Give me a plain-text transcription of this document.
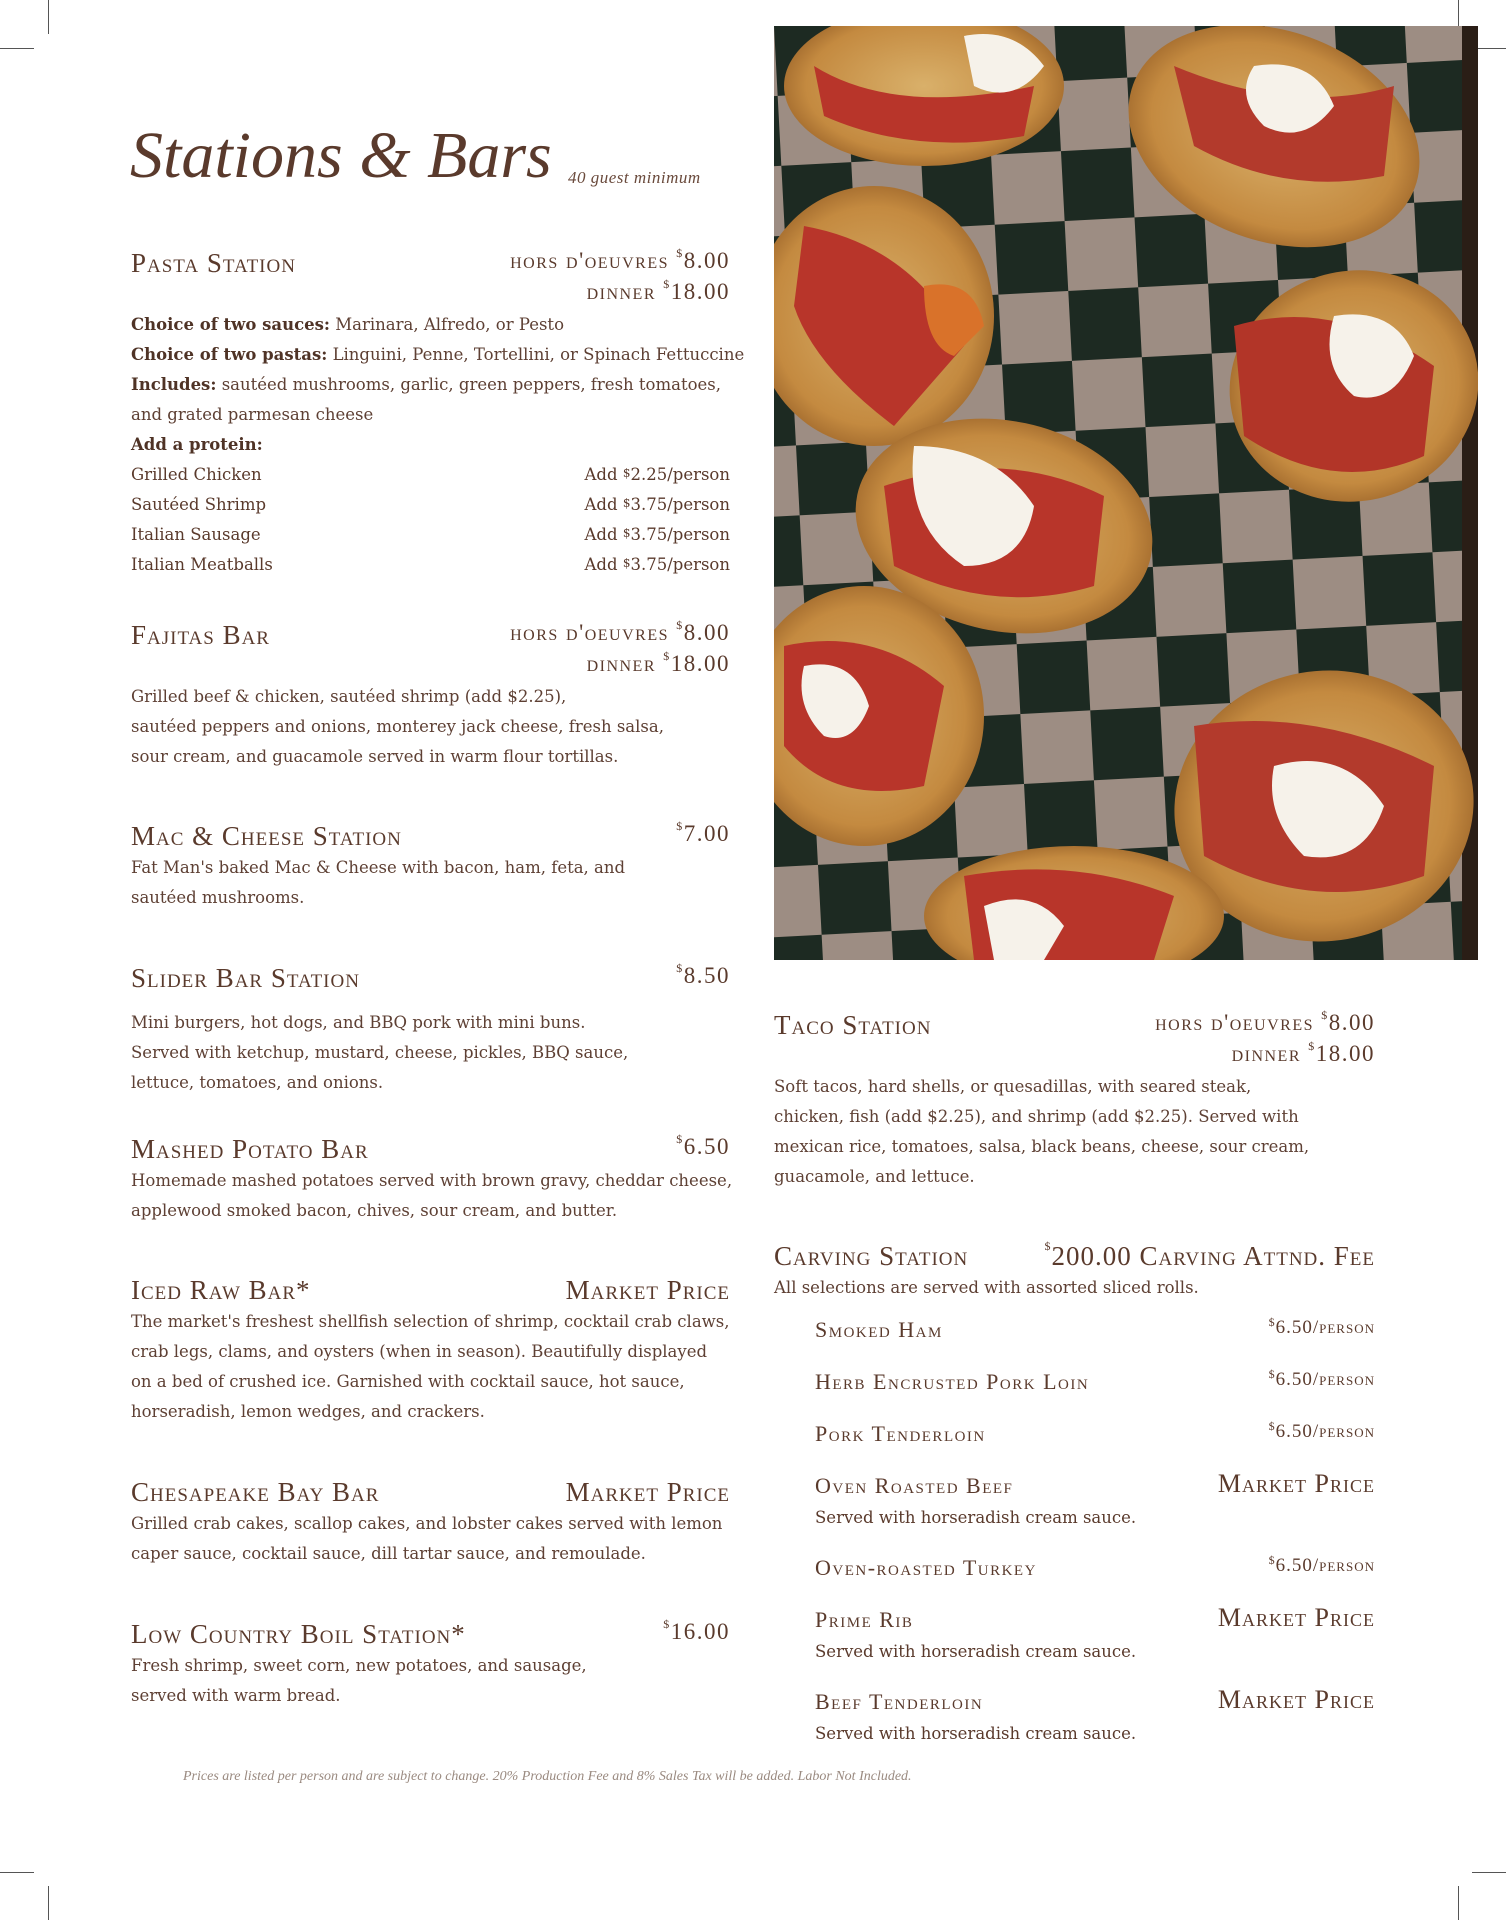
Stations & Bars 40 guest minimum
Pasta Station	hors d'oeuvres $8.00
dinner $18.00

Choice of two sauces: Marinara, Alfredo, or Pesto

Choice of two pastas: Linguini, Penne, Tortellini, or Spinach Fettuccine

Includes: sautéed mushrooms, garlic, green peppers, fresh tomatoes,

and grated parmesan cheese

Add a protein:

Grilled Chicken	Add $2.25/person
Sautéed Shrimp	Add $3.75/person
Italian Sausage	Add $3.75/person
Italian Meatballs	Add $3.75/person
Fajitas Bar	hors d'oeuvres $8.00
dinner $18.00

Grilled beef & chicken, sautéed shrimp (add $2.25),

sautéed peppers and onions, monterey jack cheese, fresh salsa,

sour cream, and guacamole served in warm flour tortillas.

Mac & Cheese Station	$7.00

Fat Man's baked Mac & Cheese with bacon, ham, feta, and

sautéed mushrooms.

Slider Bar Station	$8.50

Mini burgers, hot dogs, and BBQ pork with mini buns.

Served with ketchup, mustard, cheese, pickles, BBQ sauce,

lettuce, tomatoes, and onions.

Mashed Potato Bar	$6.50

Homemade mashed potatoes served with brown gravy, cheddar cheese,

applewood smoked bacon, chives, sour cream, and butter.

Iced Raw Bar*	Market Price

The market's freshest shellfish selection of shrimp, cocktail crab claws,

crab legs, clams, and oysters (when in season). Beautifully displayed

on a bed of crushed ice. Garnished with cocktail sauce, hot sauce,

horseradish, lemon wedges, and crackers.

Chesapeake Bay Bar	Market Price

Grilled crab cakes, scallop cakes, and lobster cakes served with lemon

caper sauce, cocktail sauce, dill tartar sauce, and remoulade.

Low Country Boil Station*	$16.00

Fresh shrimp, sweet corn, new potatoes, and sausage,

served with warm bread.

Taco Station	hors d'oeuvres $8.00
dinner $18.00

Soft tacos, hard shells, or quesadillas, with seared steak,

chicken, fish (add $2.25), and shrimp (add $2.25). Served with

mexican rice, tomatoes, salsa, black beans, cheese, sour cream,

guacamole, and lettuce.

Carving Station	$200.00 Carving Attnd. Fee

All selections are served with assorted sliced rolls.

Smoked Ham	$6.50/person
Herb Encrusted Pork Loin	$6.50/person
Pork Tenderloin	$6.50/person
Oven Roasted Beef	Market Price
Served with horseradish cream sauce.
Oven-roasted Turkey	$6.50/person
Prime Rib	Market Price
Served with horseradish cream sauce.
Beef Tenderloin	Market Price
Served with horseradish cream sauce.
Prices are listed per person and are subject to change. 20% Production Fee and 8% Sales Tax will be added. Labor Not Included.
